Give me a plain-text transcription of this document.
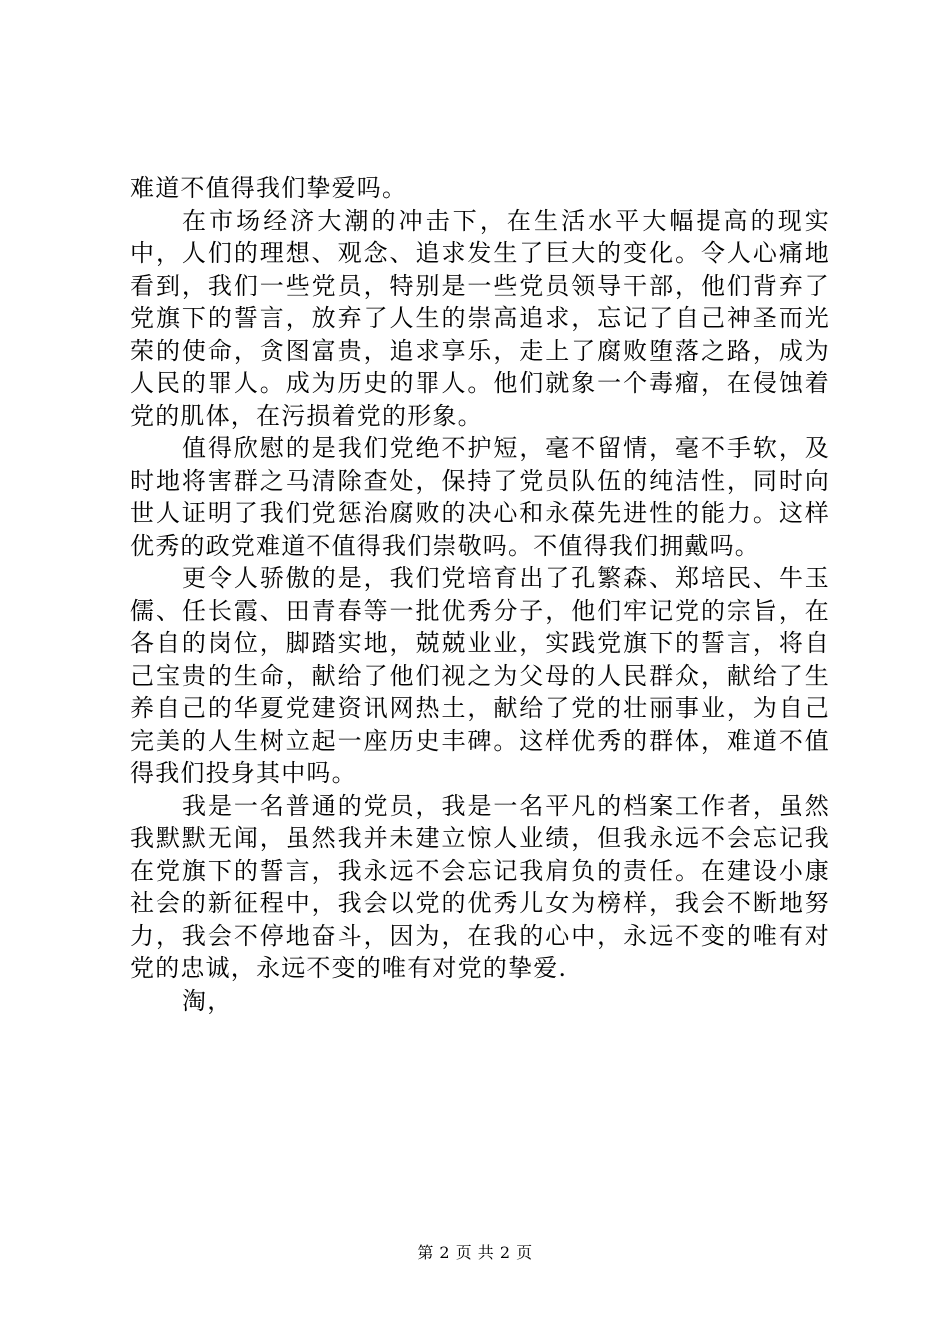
难道不值得我们挚爱吗。

在市场经济大潮的冲击下，在生活水平大幅提高的现实中，人们的理想、观念、追求发生了巨大的变化。令人心痛地看到，我们一些党员，特别是一些党员领导干部，他们背弃了党旗下的誓言，放弃了人生的崇高追求，忘记了自己神圣而光荣的使命，贪图富贵，追求享乐，走上了腐败堕落之路，成为人民的罪人。成为历史的罪人。他们就象一个毒瘤，在侵蚀着党的肌体，在污损着党的形象。

值得欣慰的是我们党绝不护短，毫不留情，毫不手软，及时地将害群之马清除查处，保持了党员队伍的纯洁性，同时向世人证明了我们党惩治腐败的决心和永葆先进性的能力。这样优秀的政党难道不值得我们崇敬吗。不值得我们拥戴吗。

更令人骄傲的是，我们党培育出了孔繁森、郑培民、牛玉儒、任长霞、田青春等一批优秀分子，他们牢记党的宗旨，在各自的岗位，脚踏实地，兢兢业业，实践党旗下的誓言，将自己宝贵的生命，献给了他们视之为父母的人民群众，献给了生养自己的华夏党建资讯网热土，献给了党的壮丽事业，为自己完美的人生树立起一座历史丰碑。这样优秀的群体，难道不值得我们投身其中吗。

我是一名普通的党员，我是一名平凡的档案工作者，虽然我默默无闻，虽然我并未建立惊人业绩，但我永远不会忘记我在党旗下的誓言，我永远不会忘记我肩负的责任。在建设小康社会的新征程中，我会以党的优秀儿女为榜样，我会不断地努力，我会不停地奋斗，因为，在我的心中，永远不变的唯有对党的忠诚，永远不变的唯有对党的挚爱.

淘，

第 2 页 共 2 页
